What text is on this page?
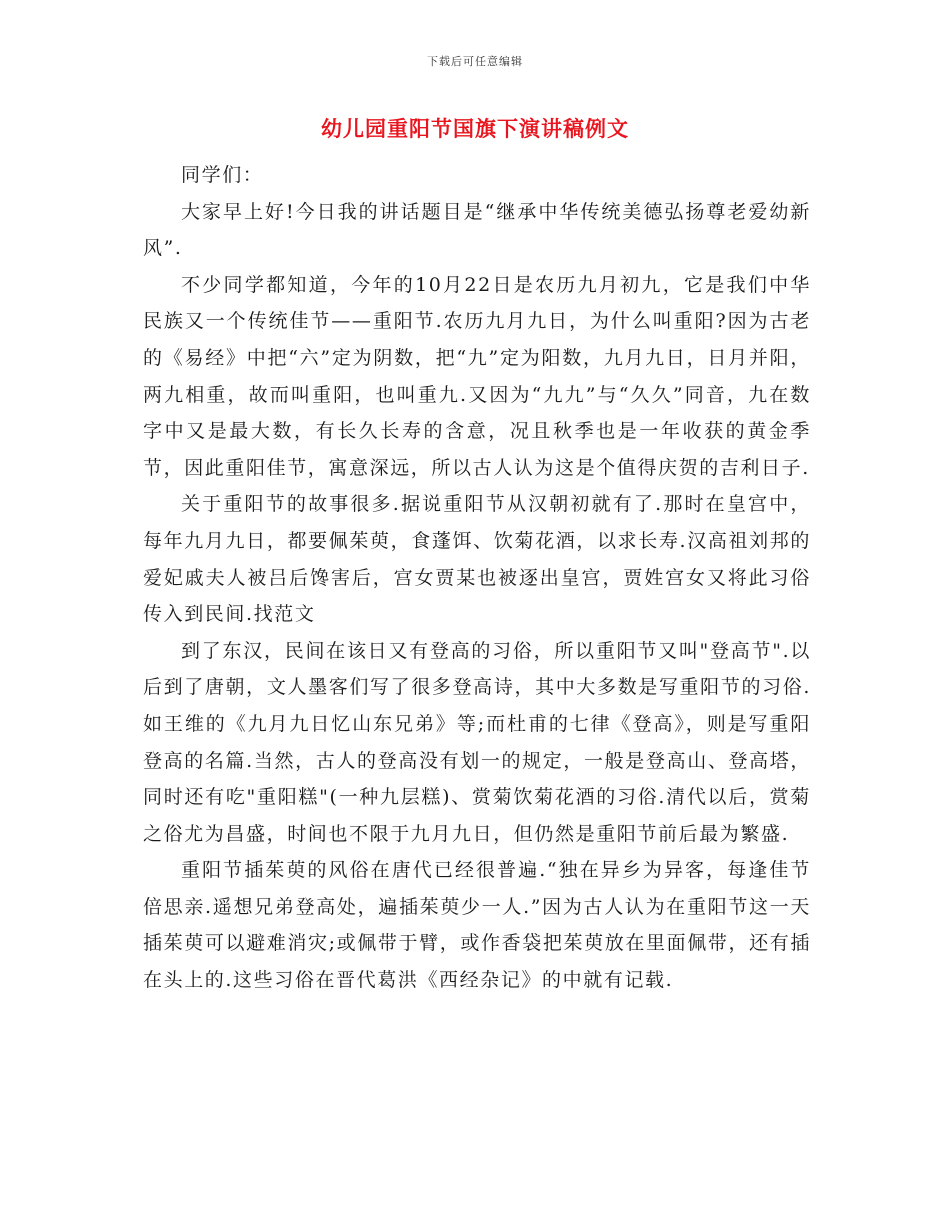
下载后可任意编辑
幼儿园重阳节国旗下演讲稿例文

同学们：

大家早上好!今日我的讲话题目是“继承中华传统美德弘扬尊老爱幼新风”.

不少同学都知道，今年的10月22日是农历九月初九，它是我们中华民族又一个传统佳节——重阳节.农历九月九日，为什么叫重阳?因为古老的《易经》中把“六”定为阴数，把“九”定为阳数，九月九日，日月并阳，两九相重，故而叫重阳，也叫重九.又因为“九九”与“久久”同音，九在数字中又是最大数，有长久长寿的含意，况且秋季也是一年收获的黄金季节，因此重阳佳节，寓意深远，所以古人认为这是个值得庆贺的吉利日子.

关于重阳节的故事很多.据说重阳节从汉朝初就有了.那时在皇宫中，每年九月九日，都要佩茱萸，食蓬饵、饮菊花酒，以求长寿.汉高祖刘邦的爱妃戚夫人被吕后馋害后，宫女贾某也被逐出皇宫，贾姓宫女又将此习俗传入到民间.找范文

到了东汉，民间在该日又有登高的习俗，所以重阳节又叫"登高节".以后到了唐朝，文人墨客们写了很多登高诗，其中大多数是写重阳节的习俗.如王维的《九月九日忆山东兄弟》等;而杜甫的七律《登高》，则是写重阳登高的名篇.当然，古人的登高没有划一的规定，一般是登高山、登高塔，同时还有吃"重阳糕"(一种九层糕)、赏菊饮菊花酒的习俗.清代以后，赏菊之俗尤为昌盛，时间也不限于九月九日，但仍然是重阳节前后最为繁盛.

重阳节插茱萸的风俗在唐代已经很普遍.“独在异乡为异客，每逢佳节倍思亲.遥想兄弟登高处，遍插茱萸少一人.”因为古人认为在重阳节这一天插茱萸可以避难消灾;或佩带于臂，或作香袋把茱萸放在里面佩带，还有插在头上的.这些习俗在晋代葛洪《西经杂记》的中就有记载.
